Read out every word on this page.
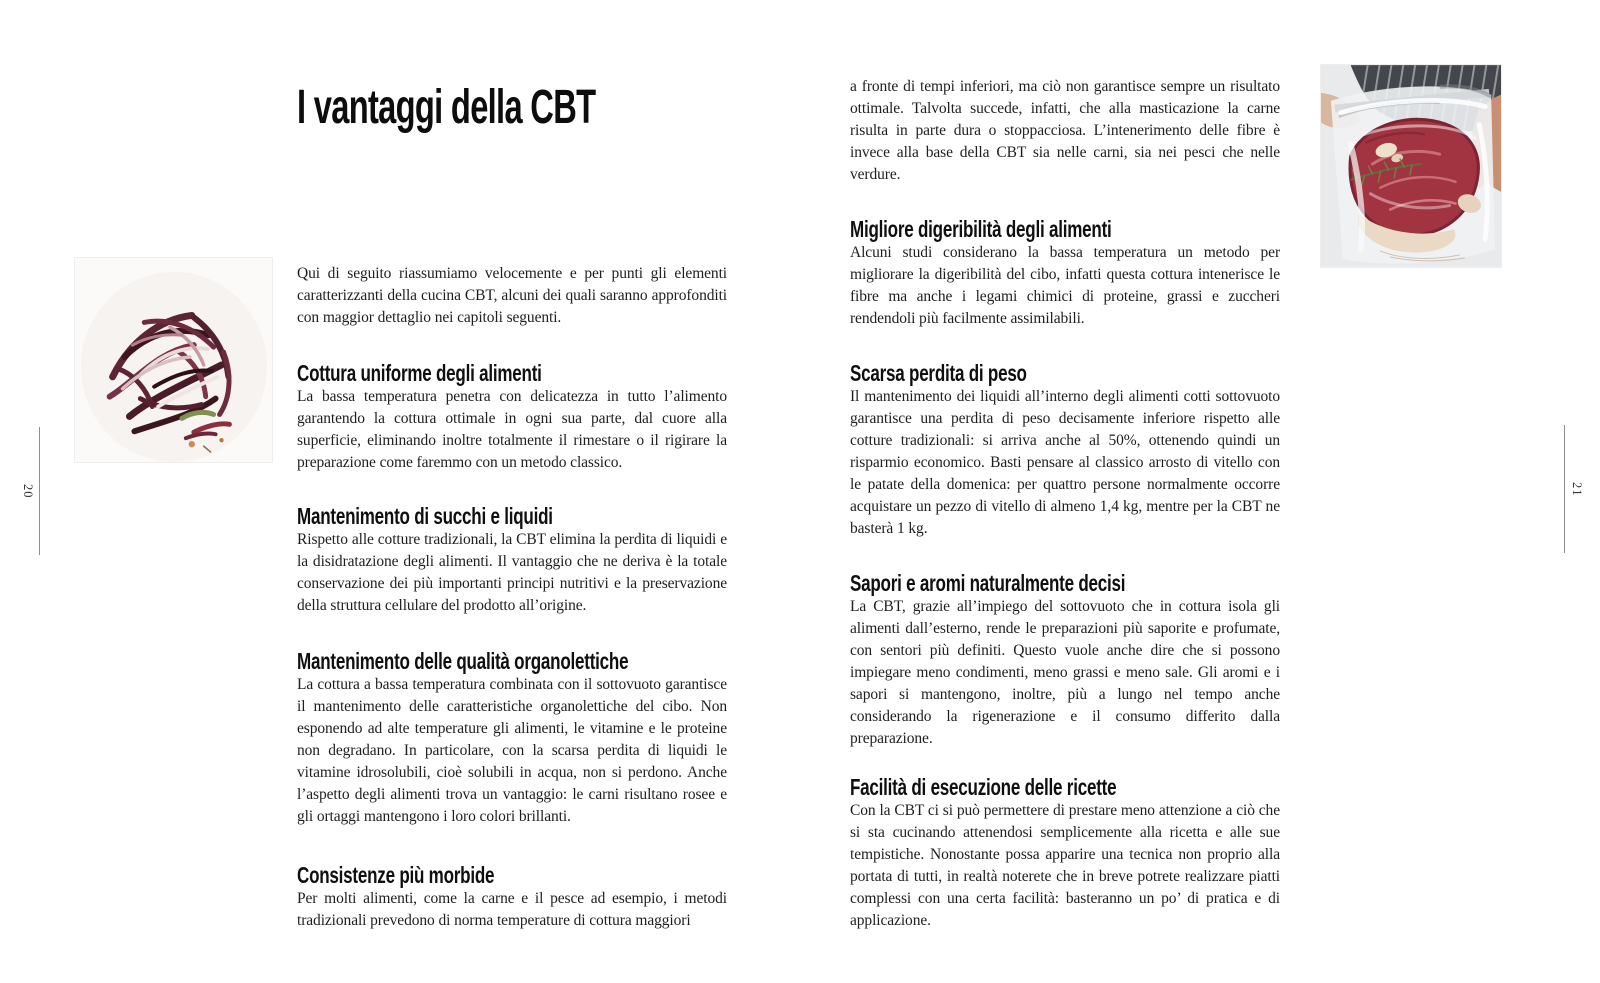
20
I vantaggi della CBT

Qui di seguito riassumiamo velocemente e per punti gli elementi caratterizzanti della cucina CBT, alcuni dei quali saranno approfonditi con maggior dettaglio nei capitoli seguenti.

Cottura uniforme degli alimenti

La bassa temperatura penetra con delicatezza in tutto l’alimento garantendo la cottura ottimale in ogni sua parte, dal cuore alla superficie, eliminando inoltre totalmente il rimestare o il rigirare la preparazione come faremmo con un metodo classico.

Mantenimento di succhi e liquidi

Rispetto alle cotture tradizionali, la CBT elimina la perdita di liquidi e la disidratazione degli alimenti. Il vantaggio che ne deriva è la totale conservazione dei più importanti principi nutritivi e la preservazione della struttura cellulare del prodotto all’origine.

Mantenimento delle qualità organolettiche

La cottura a bassa temperatura combinata con il sottovuoto garantisce il mantenimento delle caratteristiche organolettiche del cibo. Non esponendo ad alte temperature gli alimenti, le vitamine e le proteine non degradano. In particolare, con la scarsa perdita di liquidi le vitamine idrosolubili, cioè solubili in acqua, non si perdono. Anche l’aspetto degli alimenti trova un vantaggio: le carni risultano rosee e gli ortaggi mantengono i loro colori brillanti.

Consistenze più morbide

Per molti alimenti, come la carne e il pesce ad esempio, i metodi tradizionali prevedono di norma temperature di cottura maggiori

21

a fronte di tempi inferiori, ma ciò non garantisce sempre un risultato ottimale. Talvolta succede, infatti, che alla masticazione la carne risulta in parte dura o stoppacciosa. L’intenerimento delle fibre è invece alla base della CBT sia nelle carni, sia nei pesci che nelle verdure.

Migliore digeribilità degli alimenti

Alcuni studi considerano la bassa temperatura un metodo per migliorare la digeribilità del cibo, infatti questa cottura intenerisce le fibre ma anche i legami chimici di proteine, grassi e zuccheri rendendoli più facilmente assimilabili.

Scarsa perdita di peso

Il mantenimento dei liquidi all’interno degli alimenti cotti sottovuoto garantisce una perdita di peso decisamente inferiore rispetto alle cotture tradizionali: si arriva anche al 50%, ottenendo quindi un risparmio economico. Basti pensare al classico arrosto di vitello con le patate della domenica: per quattro persone normalmente occorre acquistare un pezzo di vitello di almeno 1,4 kg, mentre per la CBT ne basterà 1 kg.

Sapori e aromi naturalmente decisi

La CBT, grazie all’impiego del sottovuoto che in cottura isola gli alimenti dall’esterno, rende le preparazioni più saporite e profumate, con sentori più definiti. Questo vuole anche dire che si possono impiegare meno condimenti, meno grassi e meno sale. Gli aromi e i sapori si mantengono, inoltre, più a lungo nel tempo anche considerando la rigenerazione e il consumo differito dalla preparazione.

Facilità di esecuzione delle ricette

Con la CBT ci si può permettere di prestare meno attenzione a ciò che si sta cucinando attenendosi semplicemente alla ricetta e alle sue tempistiche. Nonostante possa apparire una tecnica non proprio alla portata di tutti, in realtà noterete che in breve potrete realizzare piatti complessi con una certa facilità: basteranno un po’ di pratica e di applicazione.
